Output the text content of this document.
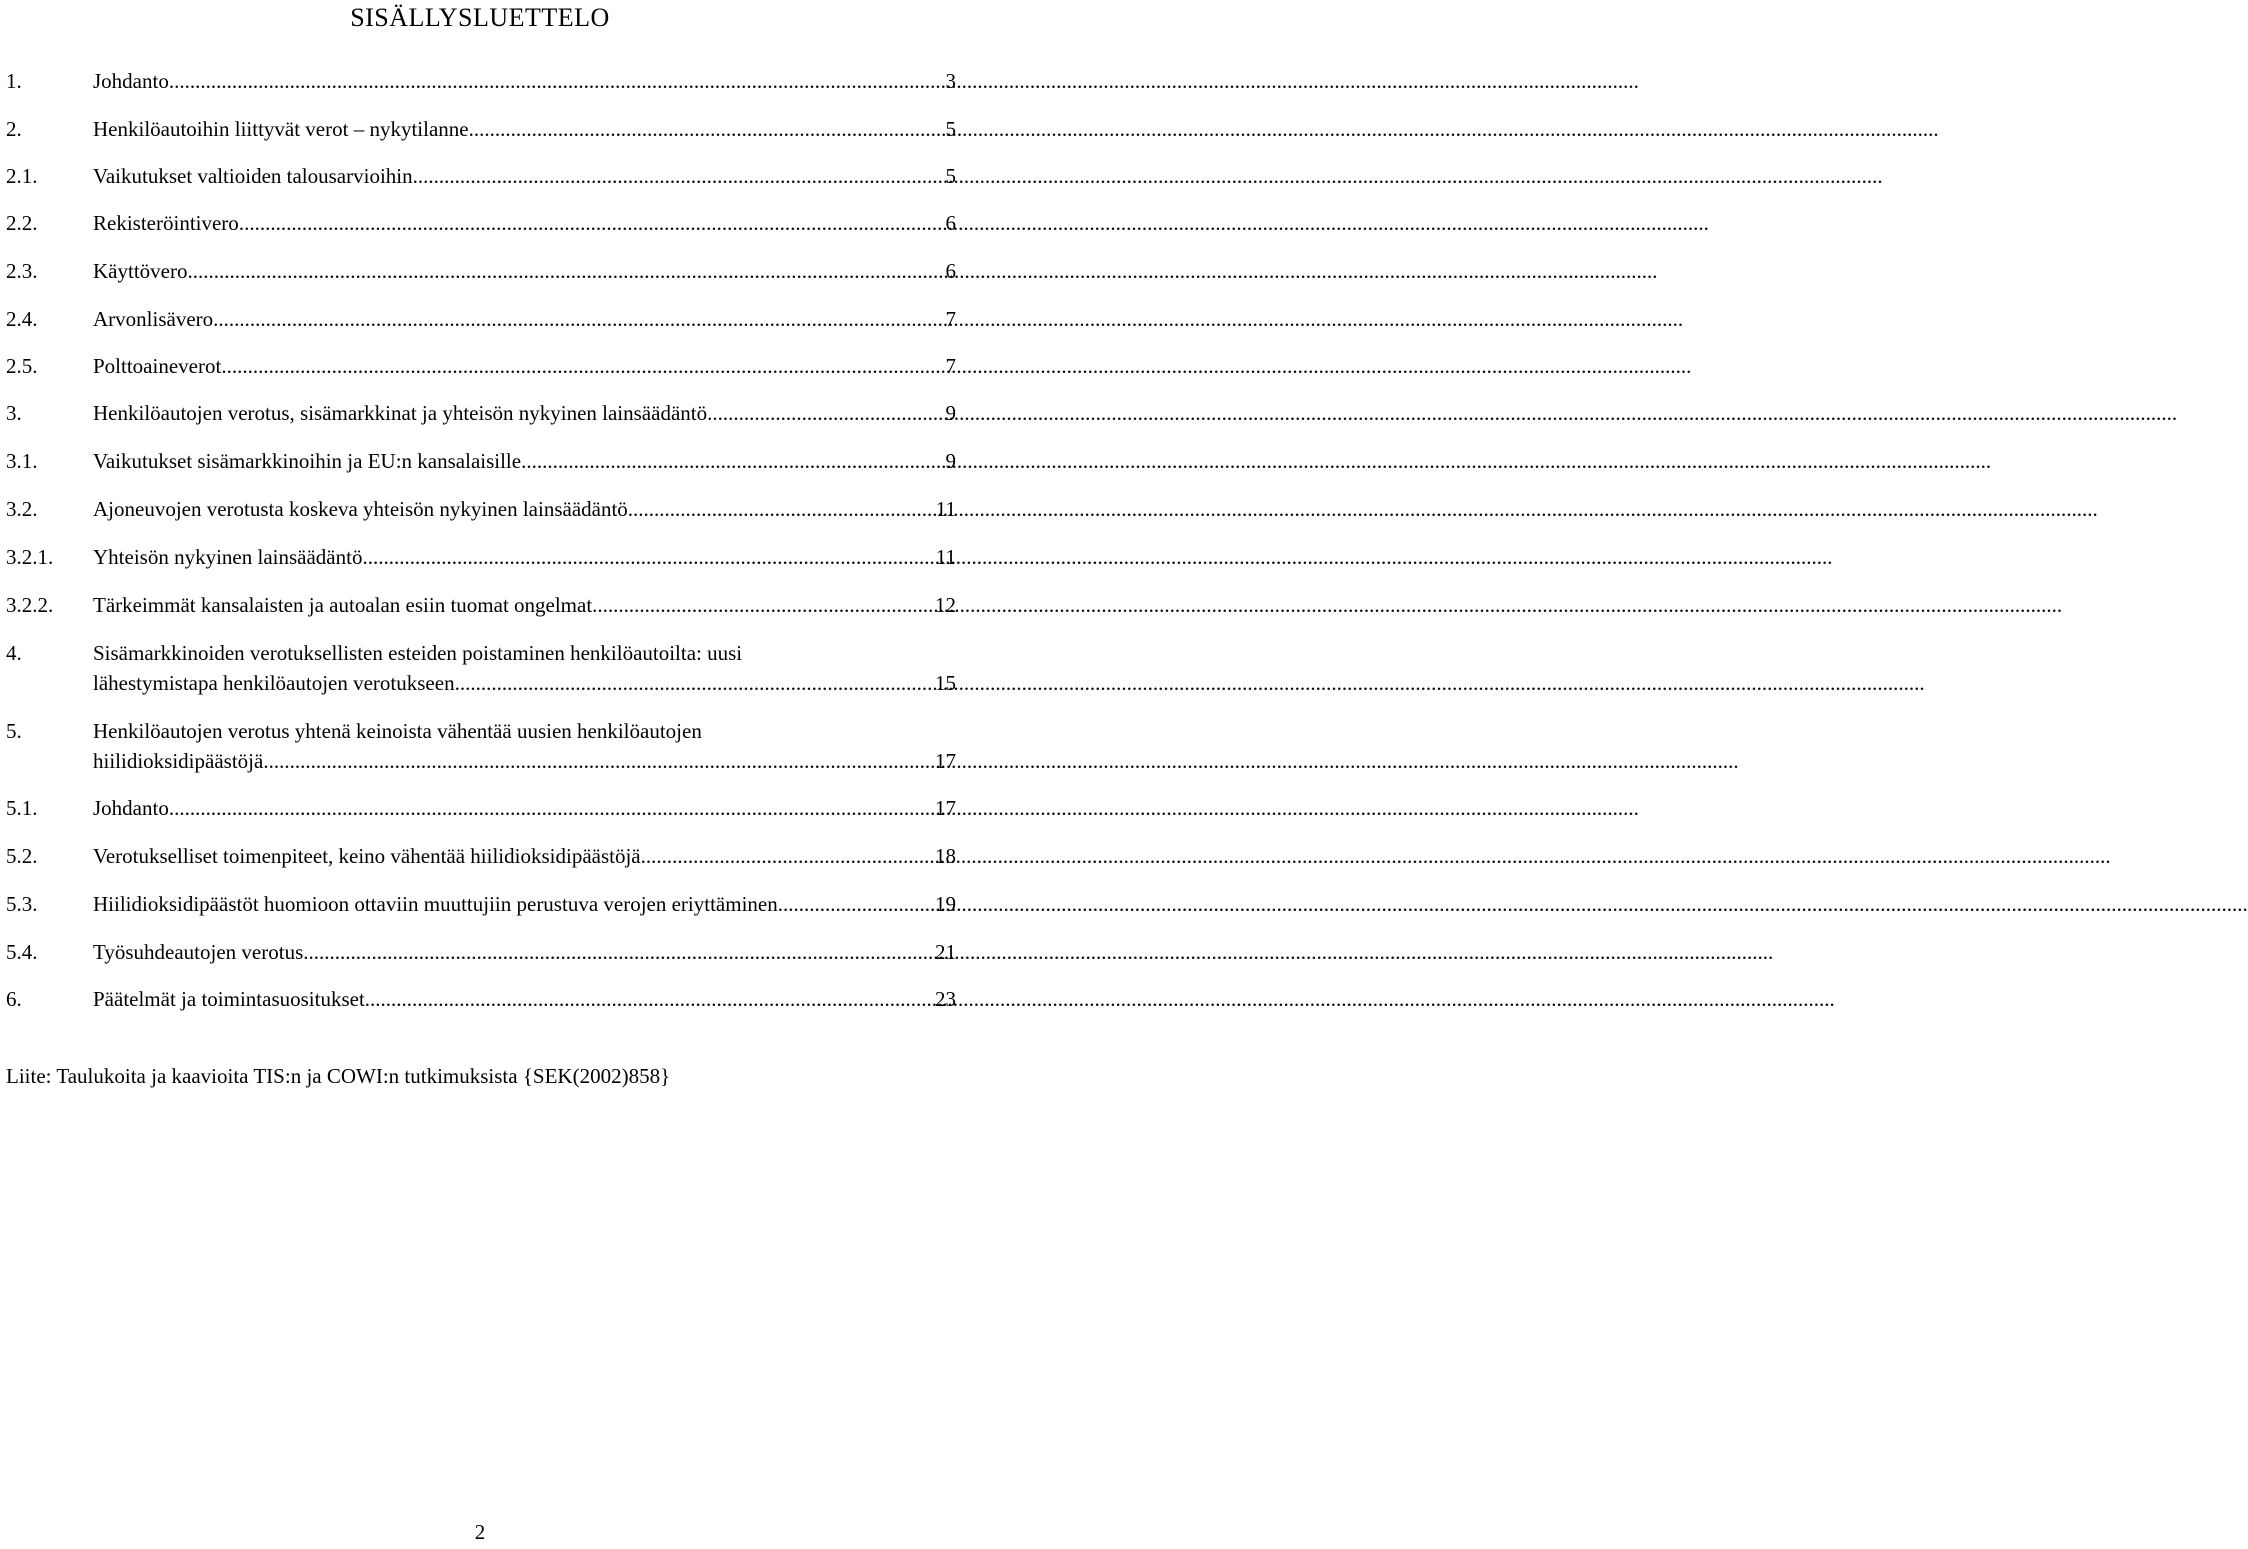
SISÄLLYSLUETTELO
1.	Johdanto .....	3
2.	Henkilöautoihin liittyvät verot – nykytilanne .....	5
2.1.	Vaikutukset valtioiden talousarvioihin .....	5
2.2.	Rekisteröintivero .....	6
2.3.	Käyttövero .....	6
2.4.	Arvonlisävero .....	7
2.5.	Polttoaineverot .....	7
3.	Henkilöautojen verotus, sisämarkkinat ja yhteisön nykyinen lainsäädäntö .....	9
3.1.	Vaikutukset sisämarkkinoihin ja EU:n kansalaisille .....	9
3.2.	Ajoneuvojen verotusta koskeva yhteisön nykyinen lainsäädäntö .....	11
3.2.1. Yhteisön nykyinen lainsäädäntö .....	11
3.2.2. Tärkeimmät kansalaisten ja autoalan esiin tuomat ongelmat .....	12
4.	Sisämarkkinoiden verotuksellisten esteiden poistaminen henkilöautoilta: uusi
lähestymistapa henkilöautojen verotukseen .....	15
5.	Henkilöautojen verotus yhtenä keinoista vähentää uusien henkilöautojen
hiilidioksidipäästöjä. .....	17
5.1.	Johdanto .....	17
5.2.	Verotukselliset toimenpiteet, keino vähentää hiilidioksidipäästöjä .....	18
5.3.	Hiilidioksidipäästöt huomioon ottaviin muuttujiin perustuva verojen eriyttäminen .....	19
5.4.	Työsuhdeautojen verotus .....	21
6.	Päätelmät ja toimintasuositukset .....	23
Liite: Taulukoita ja kaavioita TIS:n ja COWI:n tutkimuksista {SEK(2002)858}
2
